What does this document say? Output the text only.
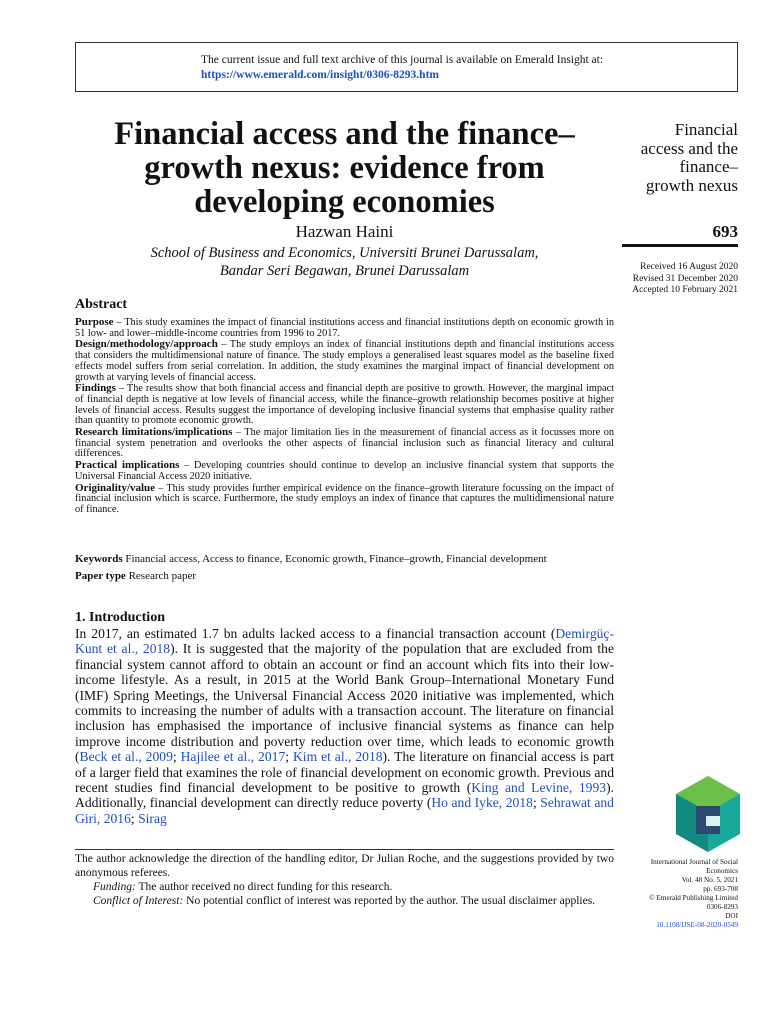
The current issue and full text archive of this journal is available on Emerald Insight at:
https://www.emerald.com/insight/0306-8293.htm
Financial access and the finance–
growth nexus: evidence from
developing economies
Hazwan Haini
School of Business and Economics, Universiti Brunei Darussalam,
Bandar Seri Begawan, Brunei Darussalam
Financial
access and the
finance–
growth nexus
693
Received 16 August 2020
Revised 31 December 2020
Accepted 10 February 2021
Abstract

Purpose – This study examines the impact of financial institutions access and financial institutions depth on economic growth in 51 low- and lower–middle-income countries from 1996 to 2017.

Design/methodology/approach – The study employs an index of financial institutions depth and financial institutions access that considers the multidimensional nature of finance. The study employs a generalised least squares model as the baseline fixed effects model suffers from serial correlation. In addition, the study examines the marginal impact of financial development on growth at varying levels of financial access.

Findings – The results show that both financial access and financial depth are positive to growth. However, the marginal impact of financial depth is negative at low levels of financial access, while the finance–growth relationship becomes positive at higher levels of financial access. Results suggest the importance of developing inclusive financial systems that emphasise quality rather than quantity to promote economic growth.

Research limitations/implications – The major limitation lies in the measurement of financial access as it focusses more on financial system penetration and overlooks the other aspects of financial inclusion such as financial literacy and cultural differences.

Practical implications – Developing countries should continue to develop an inclusive financial system that supports the Universal Financial Access 2020 initiative.

Originality/value – This study provides further empirical evidence on the finance–growth literature focussing on the impact of financial inclusion which is scarce. Furthermore, the study employs an index of finance that captures the multidimensional nature of finance.

Keywords Financial access, Access to finance, Economic growth, Finance–growth, Financial development
Paper type Research paper
1. Introduction

In 2017, an estimated 1.7 bn adults lacked access to a financial transaction account (Demirgüç-Kunt et al., 2018). It is suggested that the majority of the population that are excluded from the financial system cannot afford to obtain an account or find an account which fits into their low-income lifestyle. As a result, in 2015 at the World Bank Group–International Monetary Fund (IMF) Spring Meetings, the Universal Financial Access 2020 initiative was implemented, which commits to increasing the number of adults with a transaction account. The literature on financial inclusion has emphasised the importance of inclusive financial systems as finance can help improve income distribution and poverty reduction over time, which leads to economic growth (Beck et al., 2009; Hajilee et al., 2017; Kim et al., 2018). The literature on financial access is part of a larger field that examines the role of financial development on economic growth. Previous and recent studies find financial development to be positive to growth (King and Levine, 1993). Additionally, financial development can directly reduce poverty (Ho and Iyke, 2018; Sehrawat and Giri, 2016; Sirag

The author acknowledge the direction of the handling editor, Dr Julian Roche, and the suggestions provided by two anonymous referees.

Funding: The author received no direct funding for this research.

Conflict of Interest: No potential conflict of interest was reported by the author. The usual disclaimer applies.

International Journal of Social
Economics
Vol. 48 No. 5, 2021
pp. 693-708
© Emerald Publishing Limited
0306-8293
DOI
10.1108/IJSE-08-2020-0549
